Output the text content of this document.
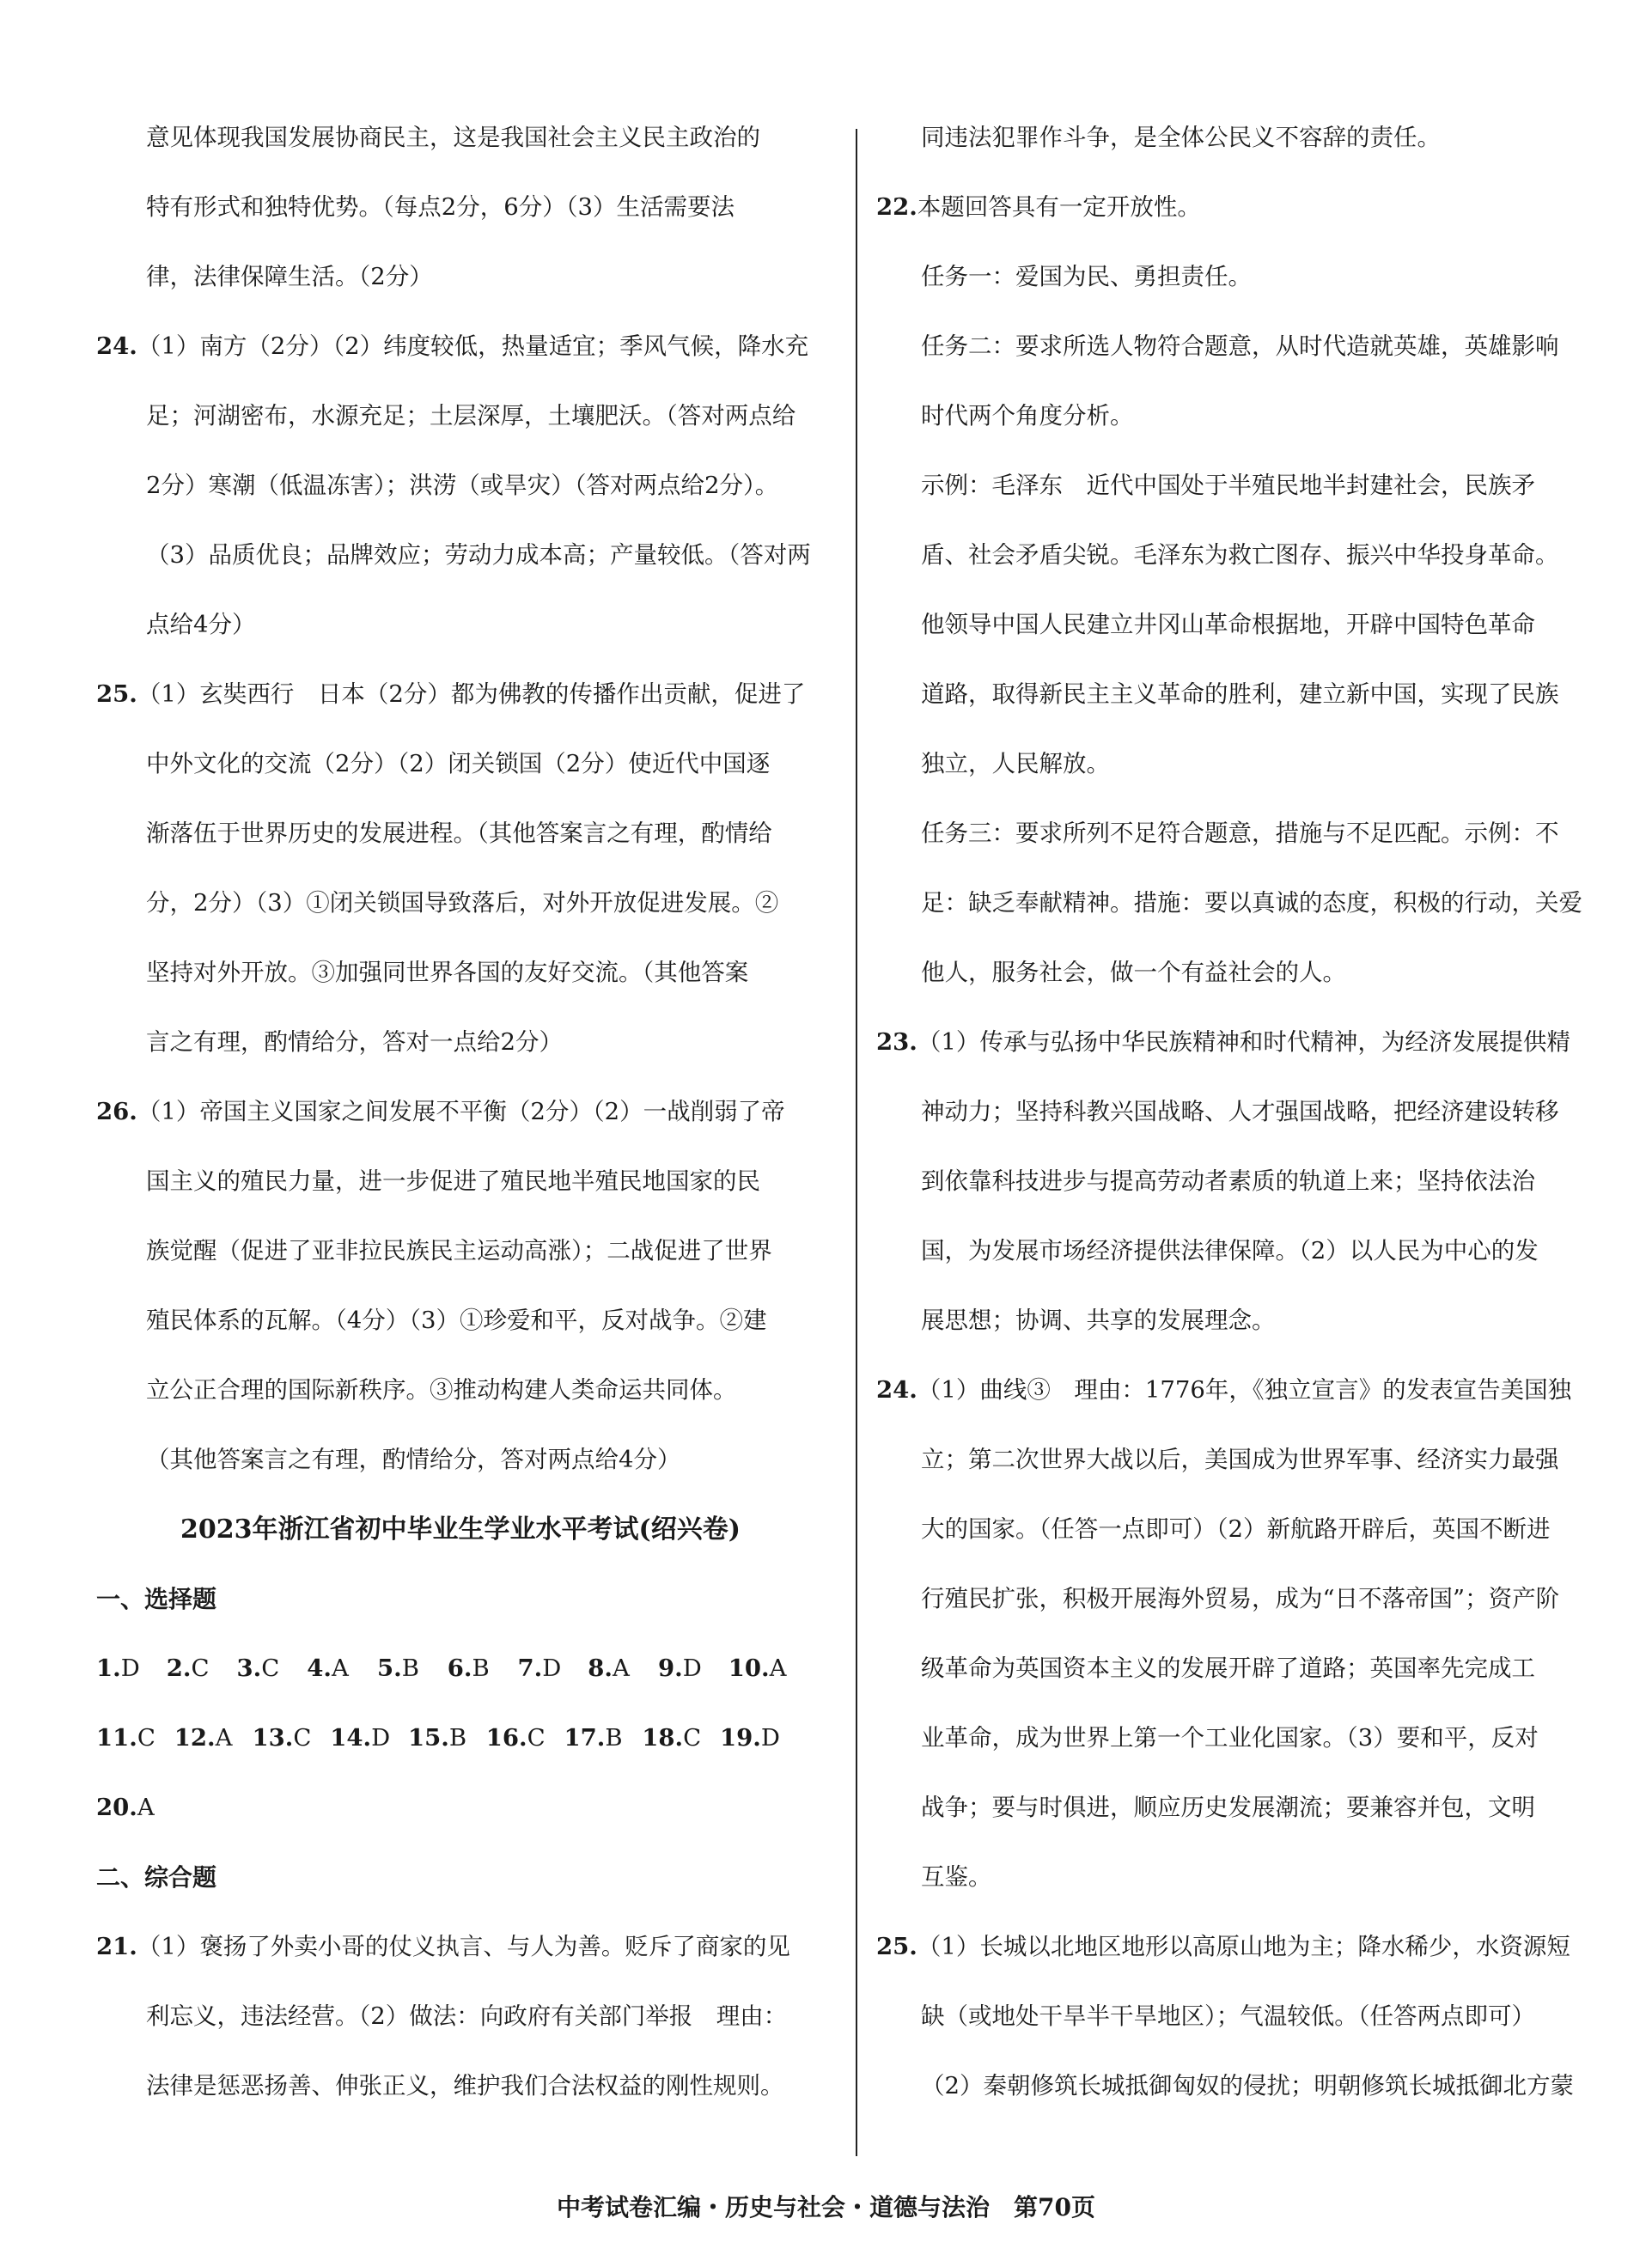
意见体现我国发展协商民主，这是我国社会主义民主政治的

特有形式和独特优势。（每点2分，6分）（3）生活需要法

律，法律保障生活。（2分）

24.（1）南方（2分）（2）纬度较低，热量适宜；季风气候，降水充

足；河湖密布，水源充足；土层深厚，土壤肥沃。（答对两点给

2分）寒潮（低温冻害）；洪涝（或旱灾）（答对两点给2分）。

（3）品质优良；品牌效应；劳动力成本高；产量较低。（答对两

点给4分）

25.（1）玄奘西行　日本（2分）都为佛教的传播作出贡献，促进了

中外文化的交流（2分）（2）闭关锁国（2分）使近代中国逐

渐落伍于世界历史的发展进程。（其他答案言之有理，酌情给

分，2分）（3）①闭关锁国导致落后，对外开放促进发展。②

坚持对外开放。③加强同世界各国的友好交流。（其他答案

言之有理，酌情给分，答对一点给2分）

26.（1）帝国主义国家之间发展不平衡（2分）（2）一战削弱了帝

国主义的殖民力量，进一步促进了殖民地半殖民地国家的民

族觉醒（促进了亚非拉民族民主运动高涨）；二战促进了世界

殖民体系的瓦解。（4分）（3）①珍爱和平，反对战争。②建

立公正合理的国际新秩序。③推动构建人类命运共同体。

（其他答案言之有理，酌情给分，答对两点给4分）

2023年浙江省初中毕业生学业水平考试(绍兴卷)

一、选择题

1.D 2.C 3.C 4.A 5.B 6.B 7.D 8.A 9.D 10.A

11.C 12.A 13.C 14.D 15.B 16.C 17.B 18.C 19.D

20.A

二、综合题

21.（1）褒扬了外卖小哥的仗义执言、与人为善。贬斥了商家的见

利忘义，违法经营。（2）做法：向政府有关部门举报　理由：

法律是惩恶扬善、伸张正义，维护我们合法权益的刚性规则。

同违法犯罪作斗争，是全体公民义不容辞的责任。

22.本题回答具有一定开放性。

任务一：爱国为民、勇担责任。

任务二：要求所选人物符合题意，从时代造就英雄，英雄影响

时代两个角度分析。

示例：毛泽东　近代中国处于半殖民地半封建社会，民族矛

盾、社会矛盾尖锐。毛泽东为救亡图存、振兴中华投身革命。

他领导中国人民建立井冈山革命根据地，开辟中国特色革命

道路，取得新民主主义革命的胜利，建立新中国，实现了民族

独立，人民解放。

任务三：要求所列不足符合题意，措施与不足匹配。示例：不

足：缺乏奉献精神。措施：要以真诚的态度，积极的行动，关爱

他人，服务社会，做一个有益社会的人。

23.（1）传承与弘扬中华民族精神和时代精神，为经济发展提供精

神动力；坚持科教兴国战略、人才强国战略，把经济建设转移

到依靠科技进步与提高劳动者素质的轨道上来；坚持依法治

国，为发展市场经济提供法律保障。（2）以人民为中心的发

展思想；协调、共享的发展理念。

24.（1）曲线③　理由：1776年，《独立宣言》的发表宣告美国独

立；第二次世界大战以后，美国成为世界军事、经济实力最强

大的国家。（任答一点即可）（2）新航路开辟后，英国不断进

行殖民扩张，积极开展海外贸易，成为“日不落帝国”；资产阶

级革命为英国资本主义的发展开辟了道路；英国率先完成工

业革命，成为世界上第一个工业化国家。（3）要和平，反对

战争；要与时俱进，顺应历史发展潮流；要兼容并包，文明

互鉴。

25.（1）长城以北地区地形以高原山地为主；降水稀少，水资源短

缺（或地处干旱半干旱地区）；气温较低。（任答两点即可）

（2）秦朝修筑长城抵御匈奴的侵扰；明朝修筑长城抵御北方蒙

中考试卷汇编・历史与社会・道德与法治　第70页
